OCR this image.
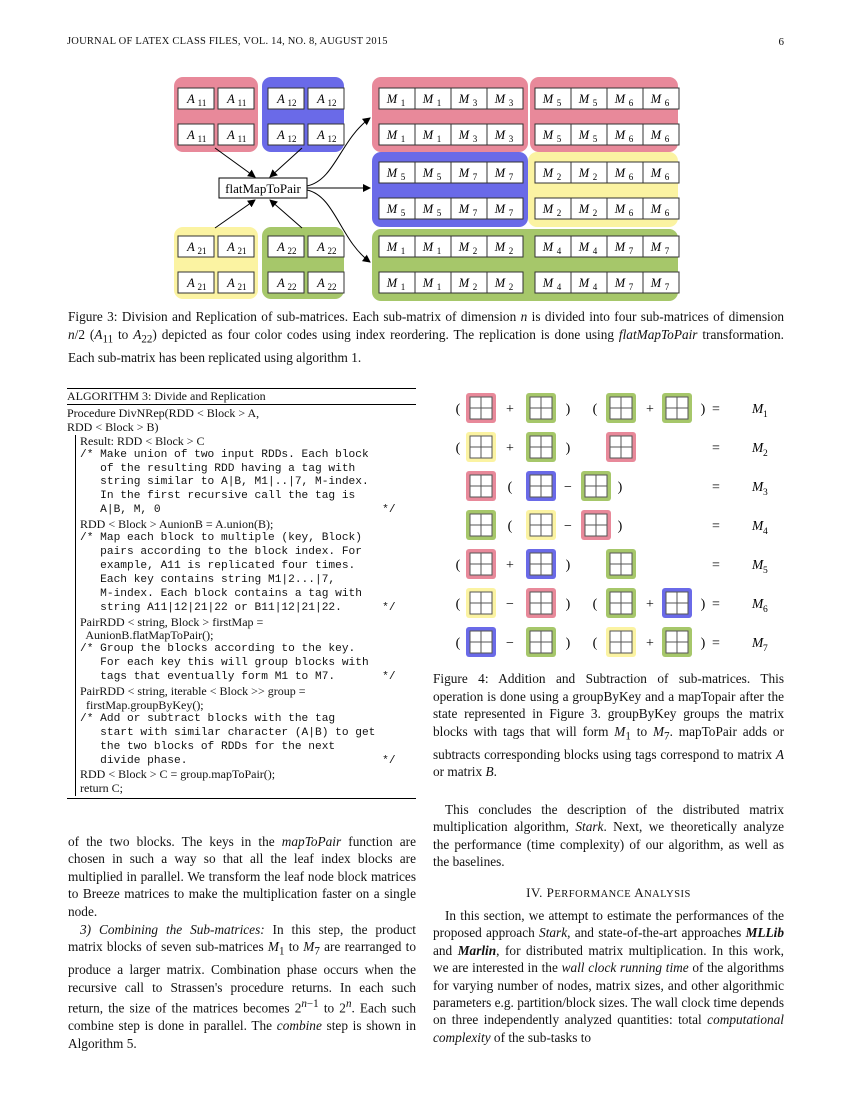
JOURNAL OF LATEX CLASS FILES, VOL. 14, NO. 8, AUGUST 2015	6
A 11 A 11
A 11 A 11
A 12 A 12
A 12 A 12
A 21 A 21
A 21 A 21
A 22 A 22
A 22 A 22
M 1 M 1 M 3 M 3 M 5 M 5 M 6 M 6
M 1 M 1 M 3 M 3 M 5 M 5 M 6 M 6
M 5 M 5 M 7 M 7 M 2 M 2 M 6 M 6
M 5 M 5 M 7 M 7 M 2 M 2 M 6 M 6
M 1 M 1 M 2 M 2 M 4 M 4 M 7 M 7
M 1 M 1 M 2 M 2 M 4 M 4 M 7 M 7
flatMapToPair
Figure 3: Division and Replication of sub-matrices. Each sub-matrix of dimension n is divided into four sub-matrices of dimension n/2 ($A_{11}$ to $A_{22}$) depicted as four color codes using index reordering. The replication is done using flatMapToPair transformation. Each sub-matrix has been replicated using algorithm 1.
ALGORITHM 3: Divide and Replication
Procedure DivNRep(RDD < Block > A,
RDD < Block > B)
Result: RDD < Block > C
/* Make union of two input RDDs. Each block
of the resulting RDD having a tag with
string similar to A|B, M1|..|7, M-index.
In the first recursive call the tag is
A|B, M, 0                                 */
RDD < Block > AunionB = A.union(B);
/* Map each block to multiple (key, Block)
pairs according to the block index. For
example, A11 is replicated four times.
Each key contains string M1|2...|7,
M-index. Each block contains a tag with
string A11|12|21|22 or B11|12|21|22.      */
PairRDD < string, Block > firstMap =
AunionB.flatMapToPair();
/* Group the blocks according to the key.
For each key this will group blocks with
tags that eventually form M1 to M7.       */
PairRDD < string, iterable < Block >> group =
firstMap.groupByKey();
/* Add or subtract blocks with the tag
start with similar character (A|B) to get
the two blocks of RDDs for the next
divide phase.                             */
RDD < Block > C = group.mapToPair();
return C;
(	+	) (	+	) = M 1
(	+	)	= M 2
(	−	)	= M 3
(	−	)	= M 4
(	+	)	= M 5
(	−	) (	+	) = M 6
(	−	) (	+	) = M 7
Figure 4: Addition and Subtraction of sub-matrices. This operation is done using a groupByKey and a mapTopair after the state represented in Figure 3. groupByKey groups the matrix blocks with tags that will form $M_1$ to $M_7$. mapToPair adds or subtracts corresponding blocks using tags correspond to matrix A or matrix B.
of the two blocks. The keys in the mapToPair function are chosen in such a way so that all the leaf index blocks are multiplied in parallel. We transform the leaf node block matrices to Breeze matrices to make the multiplication faster on a single node.
3) Combining the Sub-matrices: In this step, the product matrix blocks of seven sub-matrices $M_1$ to $M_7$ are rearranged to produce a larger matrix. Combination phase occurs when the recursive call to Strassen's procedure returns. In each such return, the size of the matrices becomes $2^{n-1}$ to 2$^n$. Each such combine step is done in parallel. The combine step is shown in Algorithm 5.
This concludes the description of the distributed matrix multiplication algorithm, Stark. Next, we theoretically analyze the performance (time complexity) of our algorithm, as well as the baselines.
IV. PERFORMANCE ANALYSIS
In this section, we attempt to estimate the performances of the proposed approach Stark, and state-of-the-art approaches MLLib and Marlin, for distributed matrix multiplication. In this work, we are interested in the wall clock running time of the algorithms for varying number of nodes, matrix sizes, and other algorithmic parameters e.g. partition/block sizes. The wall clock time depends on three independently analyzed quantities: total computational complexity of the sub-tasks to
